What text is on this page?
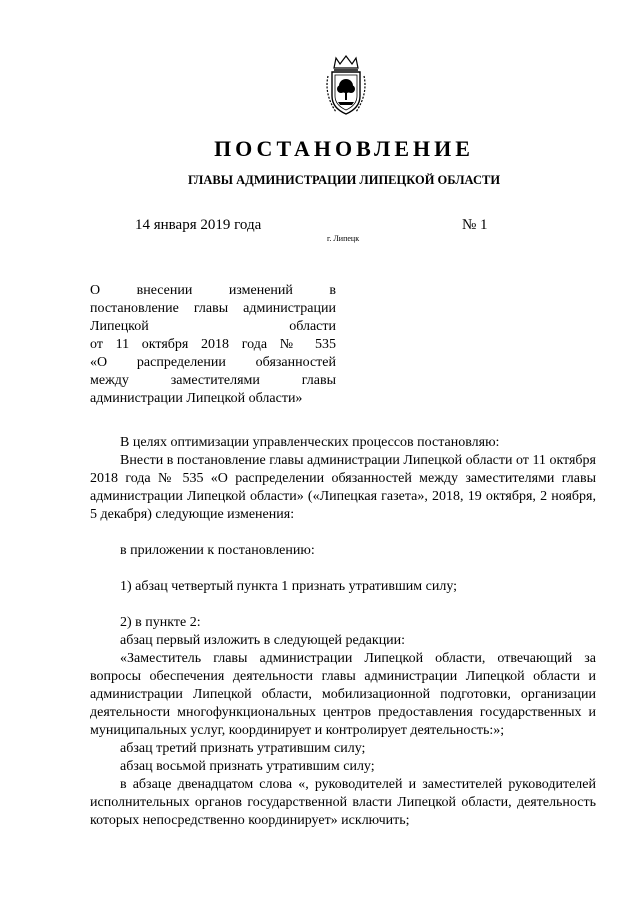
ПОСТАНОВЛЕНИЕ
ГЛАВЫ АДМИНИСТРАЦИИ ЛИПЕЦКОЙ ОБЛАСТИ
14 января 2019 года
г. Липецк
№ 1
О внесении изменений в
постановление главы администрации
Липецкой области
от 11 октября 2018 года № 535
«О распределении обязанностей
между заместителями главы
администрации Липецкой области»

В целях оптимизации управленческих процессов постановляю:

Внести в постановление главы администрации Липецкой области от 11 октября 2018 года № 535 «О распределении обязанностей между заместителями главы администрации Липецкой области» («Липецкая газета», 2018, 19 октября, 2 ноября, 5 декабря) следующие изменения:

в приложении к постановлению:

1) абзац четвертый пункта 1 признать утратившим силу;

2) в пункте 2:

абзац первый изложить в следующей редакции:

«Заместитель главы администрации Липецкой области, отвечающий за вопросы обеспечения деятельности главы администрации Липецкой области и администрации Липецкой области, мобилизационной подготовки, организации деятельности многофункциональных центров предоставления государственных и муниципальных услуг, координирует и контролирует деятельность:»;

абзац третий признать утратившим силу;

абзац восьмой признать утратившим силу;

в абзаце двенадцатом слова «, руководителей и заместителей руководителей исполнительных органов государственной власти Липецкой области, деятельность которых непосредственно координирует» исключить;
